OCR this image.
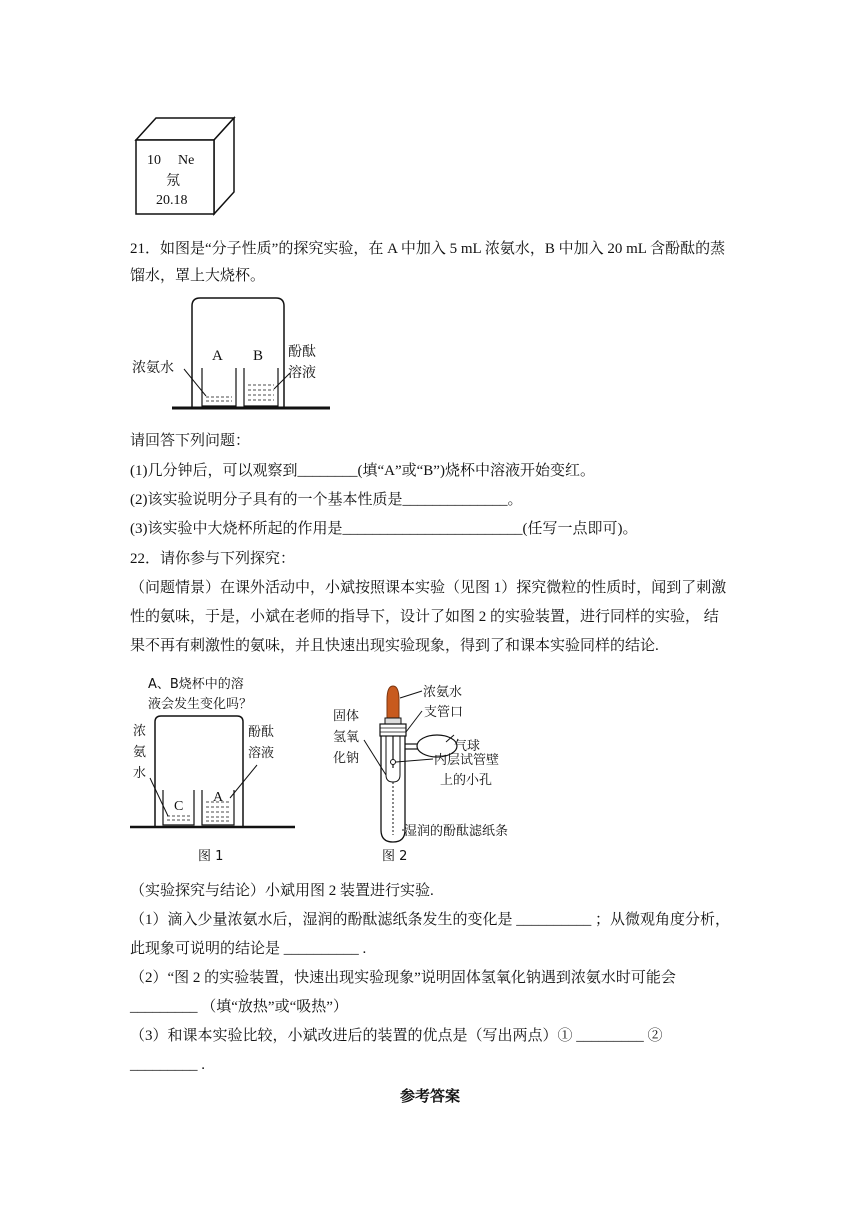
10 Ne
氖
20.18
21．如图是“分子性质”的探究实验，在 A 中加入 5 mL 浓氨水，B 中加入 20 mL 含酚酞的蒸
馏水，罩上大烧杯。
A B
浓氨水
酚酞
溶液
请回答下列问题：
(1)几分钟后，可以观察到________(填“A”或“B”)烧杯中溶液开始变红。
(2)该实验说明分子具有的一个基本性质是______________。
(3)该实验中大烧杯所起的作用是________________________(任写一点即可)。
22．请你参与下列探究：
（问题情景）在课外活动中，小斌按照课本实验（见图 1）探究微粒的性质时，闻到了刺激
性的氨味，于是，小斌在老师的指导下，设计了如图 2 的实验装置，进行同样的实验， 结
果不再有刺激性的氨味，并且快速出现实验现象，得到了和课本实验同样的结论.
A、B烧杯中的溶
液会发生变化吗？
C
A
浓
氨
水
酚酞
溶液
图 1
浓氨水
支管口
气球
内层试管壁
上的小孔
湿润的酚酞滤纸条
固体
氢氧
化钠
图 2
（实验探究与结论）小斌用图 2 装置进行实验.
（1）滴入少量浓氨水后，湿润的酚酞滤纸条发生的变化是 __________ ；从微观角度分析，
此现象可说明的结论是 __________ .
（2）“图 2 的实验装置，快速出现实验现象”说明固体氢氧化钠遇到浓氨水时可能会
_________ （填“放热”或“吸热”）
（3）和课本实验比较，小斌改进后的装置的优点是（写出两点）① _________ ②
_________ .
参考答案
